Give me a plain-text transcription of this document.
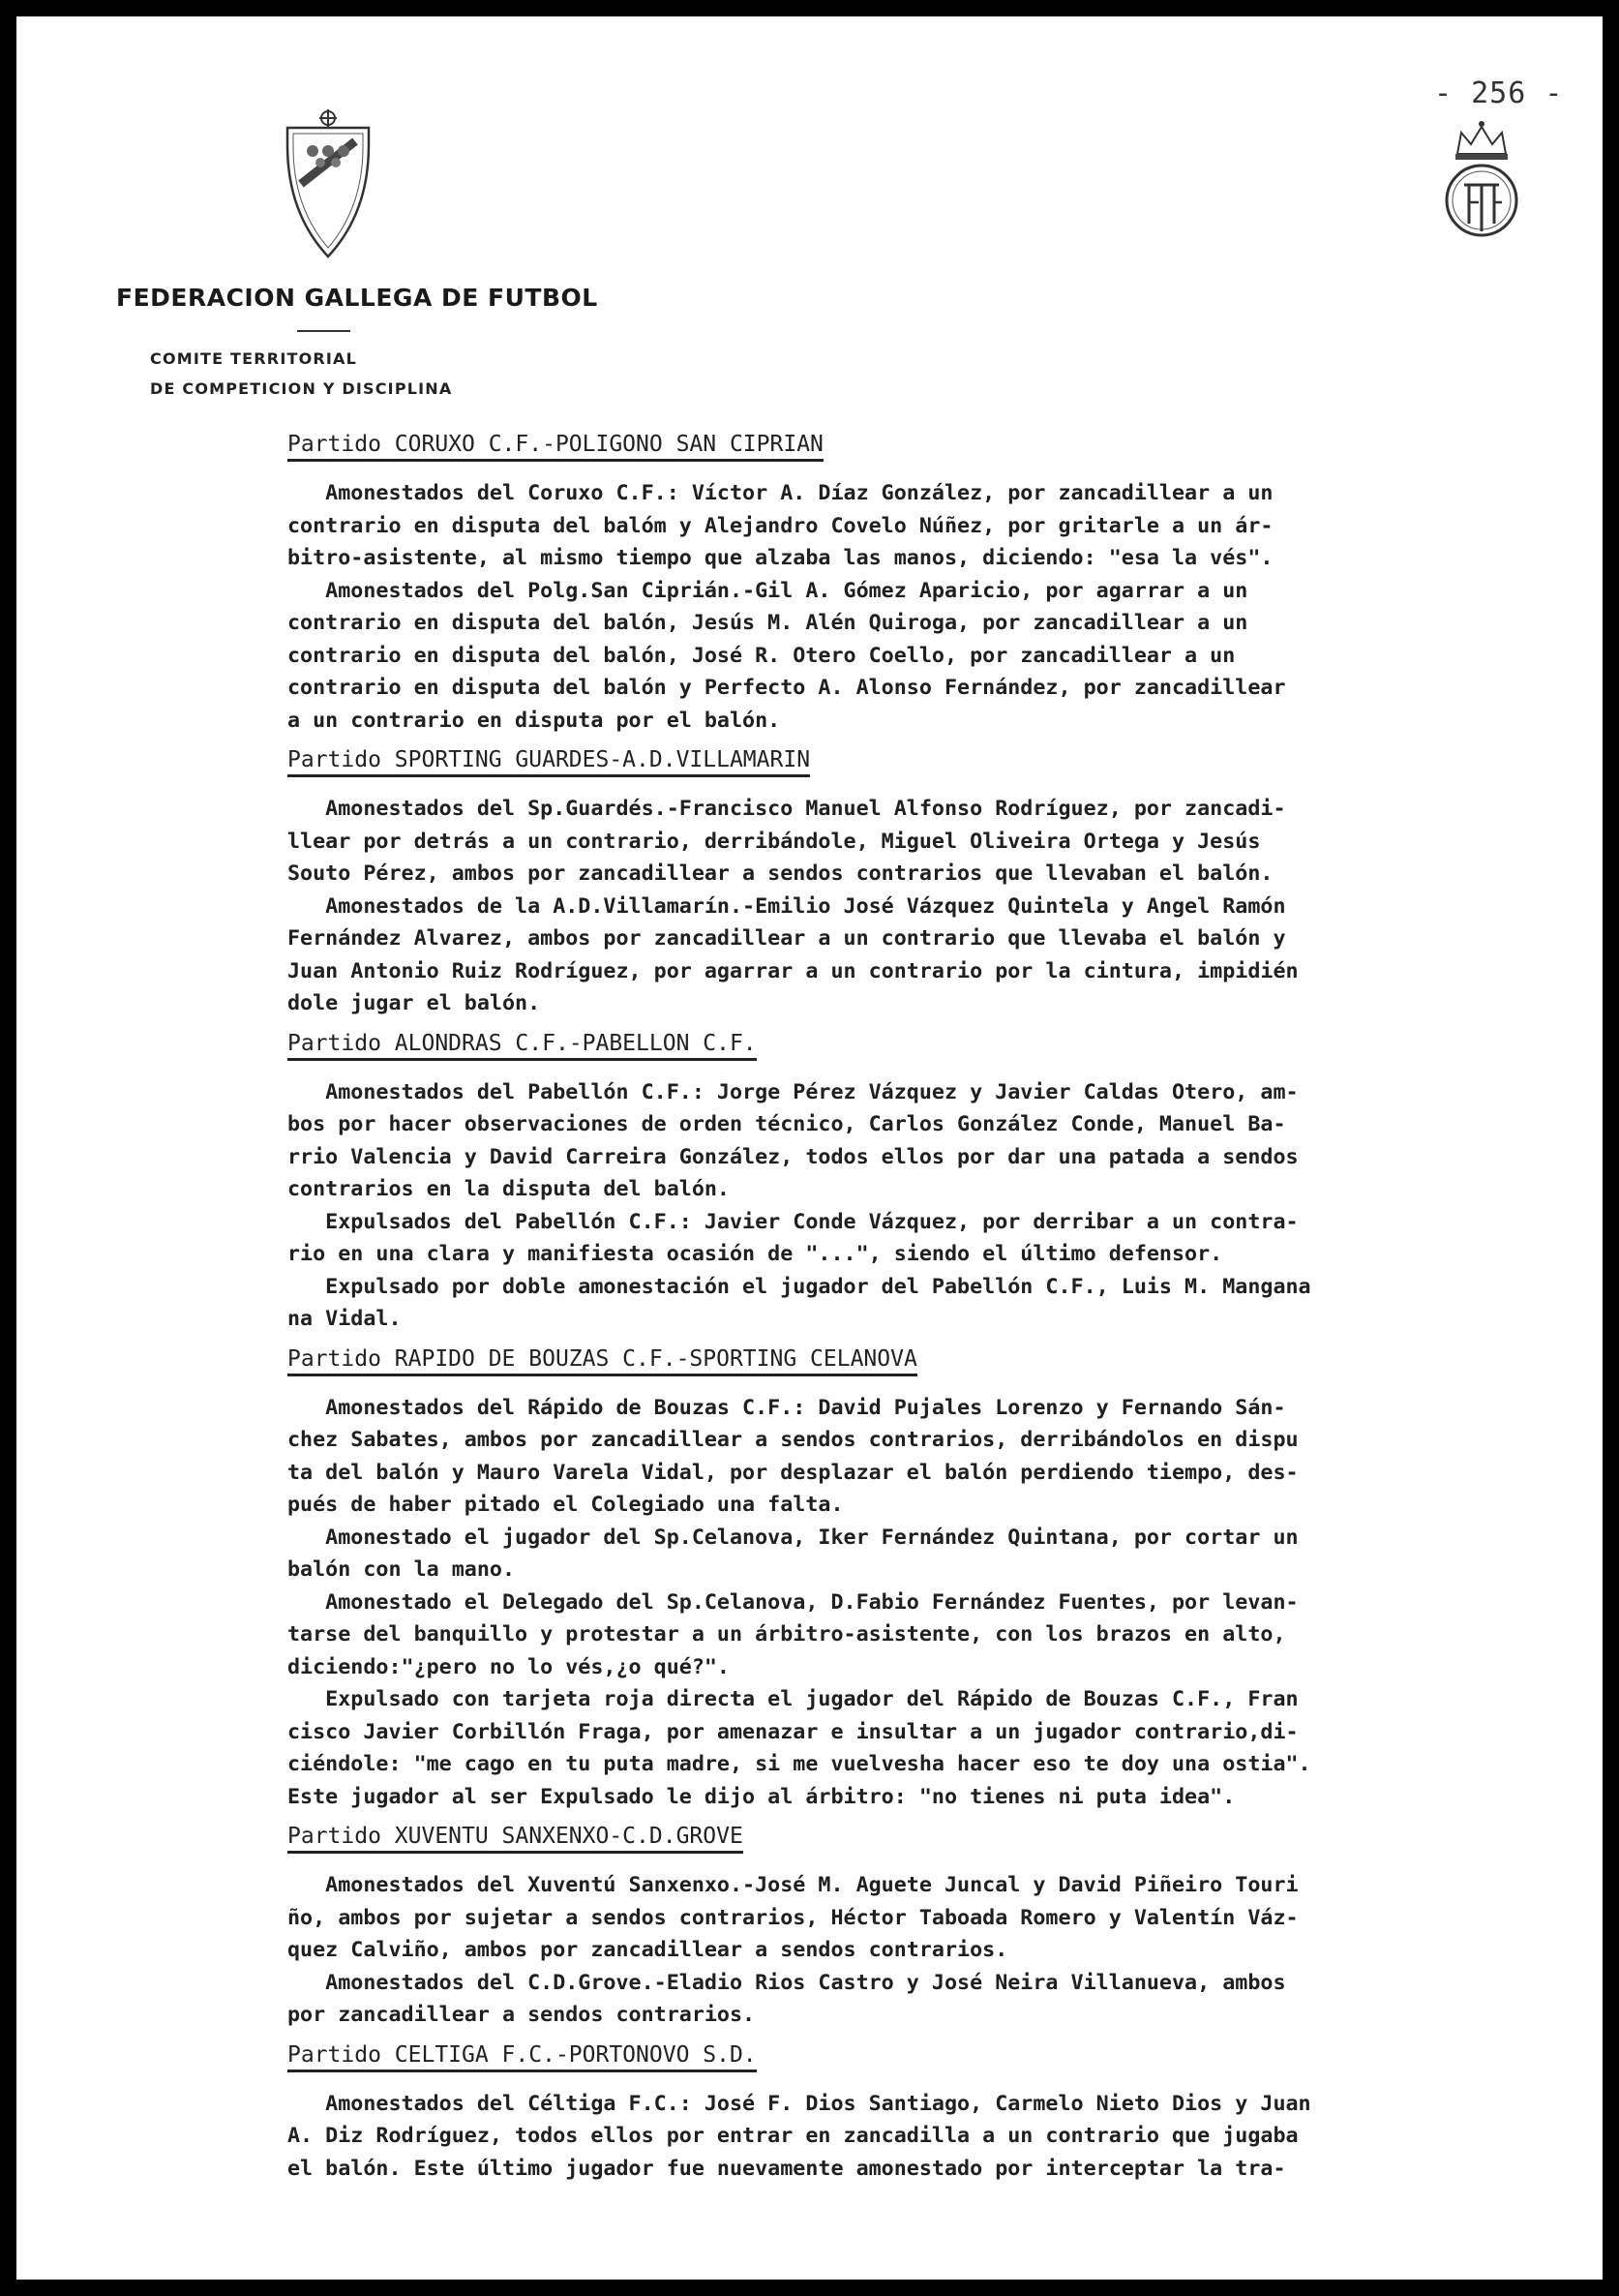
- 256 -
FEDERACION GALLEGA DE FUTBOL
COMITE TERRITORIAL
DE COMPETICION Y DISCIPLINA
Partido CORUXO C.F.-POLIGONO SAN CIPRIAN
Amonestados del Coruxo C.F.: Víctor A. Díaz González, por zancadillear a un
contrario en disputa del balóm y Alejandro Covelo Núñez, por gritarle a un ár-
bitro-asistente, al mismo tiempo que alzaba las manos, diciendo: "esa la vés".
Amonestados del Polg.San Ciprián.-Gil A. Gómez Aparicio, por agarrar a un
contrario en disputa del balón, Jesús M. Alén Quiroga, por zancadillear a un
contrario en disputa del balón, José R. Otero Coello, por zancadillear a un
contrario en disputa del balón y Perfecto A. Alonso Fernández, por zancadillear
a un contrario en disputa por el balón.
Partido SPORTING GUARDES-A.D.VILLAMARIN
Amonestados del Sp.Guardés.-Francisco Manuel Alfonso Rodríguez, por zancadi-
llear por detrás a un contrario, derribándole, Miguel Oliveira Ortega y Jesús
Souto Pérez, ambos por zancadillear a sendos contrarios que llevaban el balón.
Amonestados de la A.D.Villamarín.-Emilio José Vázquez Quintela y Angel Ramón
Fernández Alvarez, ambos por zancadillear a un contrario que llevaba el balón y
Juan Antonio Ruiz Rodríguez, por agarrar a un contrario por la cintura, impidién
dole jugar el balón.
Partido ALONDRAS C.F.-PABELLON C.F.
Amonestados del Pabellón C.F.: Jorge Pérez Vázquez y Javier Caldas Otero, am-
bos por hacer observaciones de orden técnico, Carlos González Conde, Manuel Ba-
rrio Valencia y David Carreira González, todos ellos por dar una patada a sendos
contrarios en la disputa del balón.
Expulsados del Pabellón C.F.: Javier Conde Vázquez, por derribar a un contra-
rio en una clara y manifiesta ocasión de "...", siendo el último defensor.
Expulsado por doble amonestación el jugador del Pabellón C.F., Luis M. Mangana
na Vidal.
Partido RAPIDO DE BOUZAS C.F.-SPORTING CELANOVA
Amonestados del Rápido de Bouzas C.F.: David Pujales Lorenzo y Fernando Sán-
chez Sabates, ambos por zancadillear a sendos contrarios, derribándolos en dispu
ta del balón y Mauro Varela Vidal, por desplazar el balón perdiendo tiempo, des-
pués de haber pitado el Colegiado una falta.
Amonestado el jugador del Sp.Celanova, Iker Fernández Quintana, por cortar un
balón con la mano.
Amonestado el Delegado del Sp.Celanova, D.Fabio Fernández Fuentes, por levan-
tarse del banquillo y protestar a un árbitro-asistente, con los brazos en alto,
diciendo:"¿pero no lo vés,¿o qué?".
Expulsado con tarjeta roja directa el jugador del Rápido de Bouzas C.F., Fran
cisco Javier Corbillón Fraga, por amenazar e insultar a un jugador contrario,di-
ciéndole: "me cago en tu puta madre, si me vuelvesha hacer eso te doy una ostia".
Este jugador al ser Expulsado le dijo al árbitro: "no tienes ni puta idea".
Partido XUVENTU SANXENXO-C.D.GROVE
Amonestados del Xuventú Sanxenxo.-José M. Aguete Juncal y David Piñeiro Touri
ño, ambos por sujetar a sendos contrarios, Héctor Taboada Romero y Valentín Váz-
quez Calviño, ambos por zancadillear a sendos contrarios.
Amonestados del C.D.Grove.-Eladio Rios Castro y José Neira Villanueva, ambos
por zancadillear a sendos contrarios.
Partido CELTIGA F.C.-PORTONOVO S.D.
Amonestados del Céltiga F.C.: José F. Dios Santiago, Carmelo Nieto Dios y Juan
A. Diz Rodríguez, todos ellos por entrar en zancadilla a un contrario que jugaba
el balón. Este último jugador fue nuevamente amonestado por interceptar la tra-
